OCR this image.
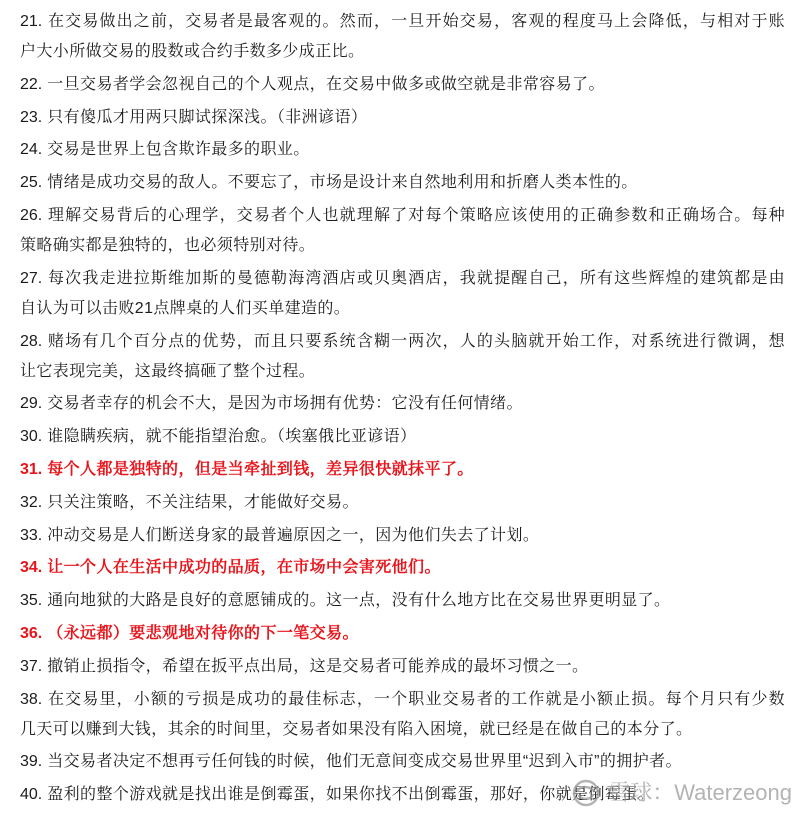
21. 在交易做出之前，交易者是最客观的。然而，一旦开始交易，客观的程度马上会降低，与相对于账
户大小所做交易的股数或合约手数多少成正比。
22. 一旦交易者学会忽视自己的个人观点，在交易中做多或做空就是非常容易了。
23. 只有傻瓜才用两只脚试探深浅。（非洲谚语）
24. 交易是世界上包含欺诈最多的职业。
25. 情绪是成功交易的敌人。不要忘了，市场是设计来自然地利用和折磨人类本性的。
26. 理解交易背后的心理学，交易者个人也就理解了对每个策略应该使用的正确参数和正确场合。每种
策略确实都是独特的，也必须特别对待。
27. 每次我走进拉斯维加斯的曼德勒海湾酒店或贝奥酒店，我就提醒自己，所有这些辉煌的建筑都是由
自认为可以击败21点牌桌的人们买单建造的。
28. 赌场有几个百分点的优势，而且只要系统含糊一两次，人的头脑就开始工作，对系统进行微调，想
让它表现完美，这最终搞砸了整个过程。
29. 交易者幸存的机会不大，是因为市场拥有优势：它没有任何情绪。
30. 谁隐瞒疾病，就不能指望治愈。（埃塞俄比亚谚语）
31. 每个人都是独特的，但是当牵扯到钱，差异很快就抹平了。
32. 只关注策略，不关注结果，才能做好交易。
33. 冲动交易是人们断送身家的最普遍原因之一，因为他们失去了计划。
34. 让一个人在生活中成功的品质，在市场中会害死他们。
35. 通向地狱的大路是良好的意愿铺成的。这一点，没有什么地方比在交易世界更明显了。
36. （永远都）要悲观地对待你的下一笔交易。
37. 撤销止损指令，希望在扳平点出局，这是交易者可能养成的最坏习惯之一。
38. 在交易里，小额的亏损是成功的最佳标志，一个职业交易者的工作就是小额止损。每个月只有少数
几天可以赚到大钱，其余的时间里，交易者如果没有陷入困境，就已经是在做自己的本分了。
39. 当交易者决定不想再亏任何钱的时候，他们无意间变成交易世界里“迟到入市”的拥护者。
40. 盈利的整个游戏就是找出谁是倒霉蛋，如果你找不出倒霉蛋，那好，你就是倒霉蛋。
雪球：Waterzeong
